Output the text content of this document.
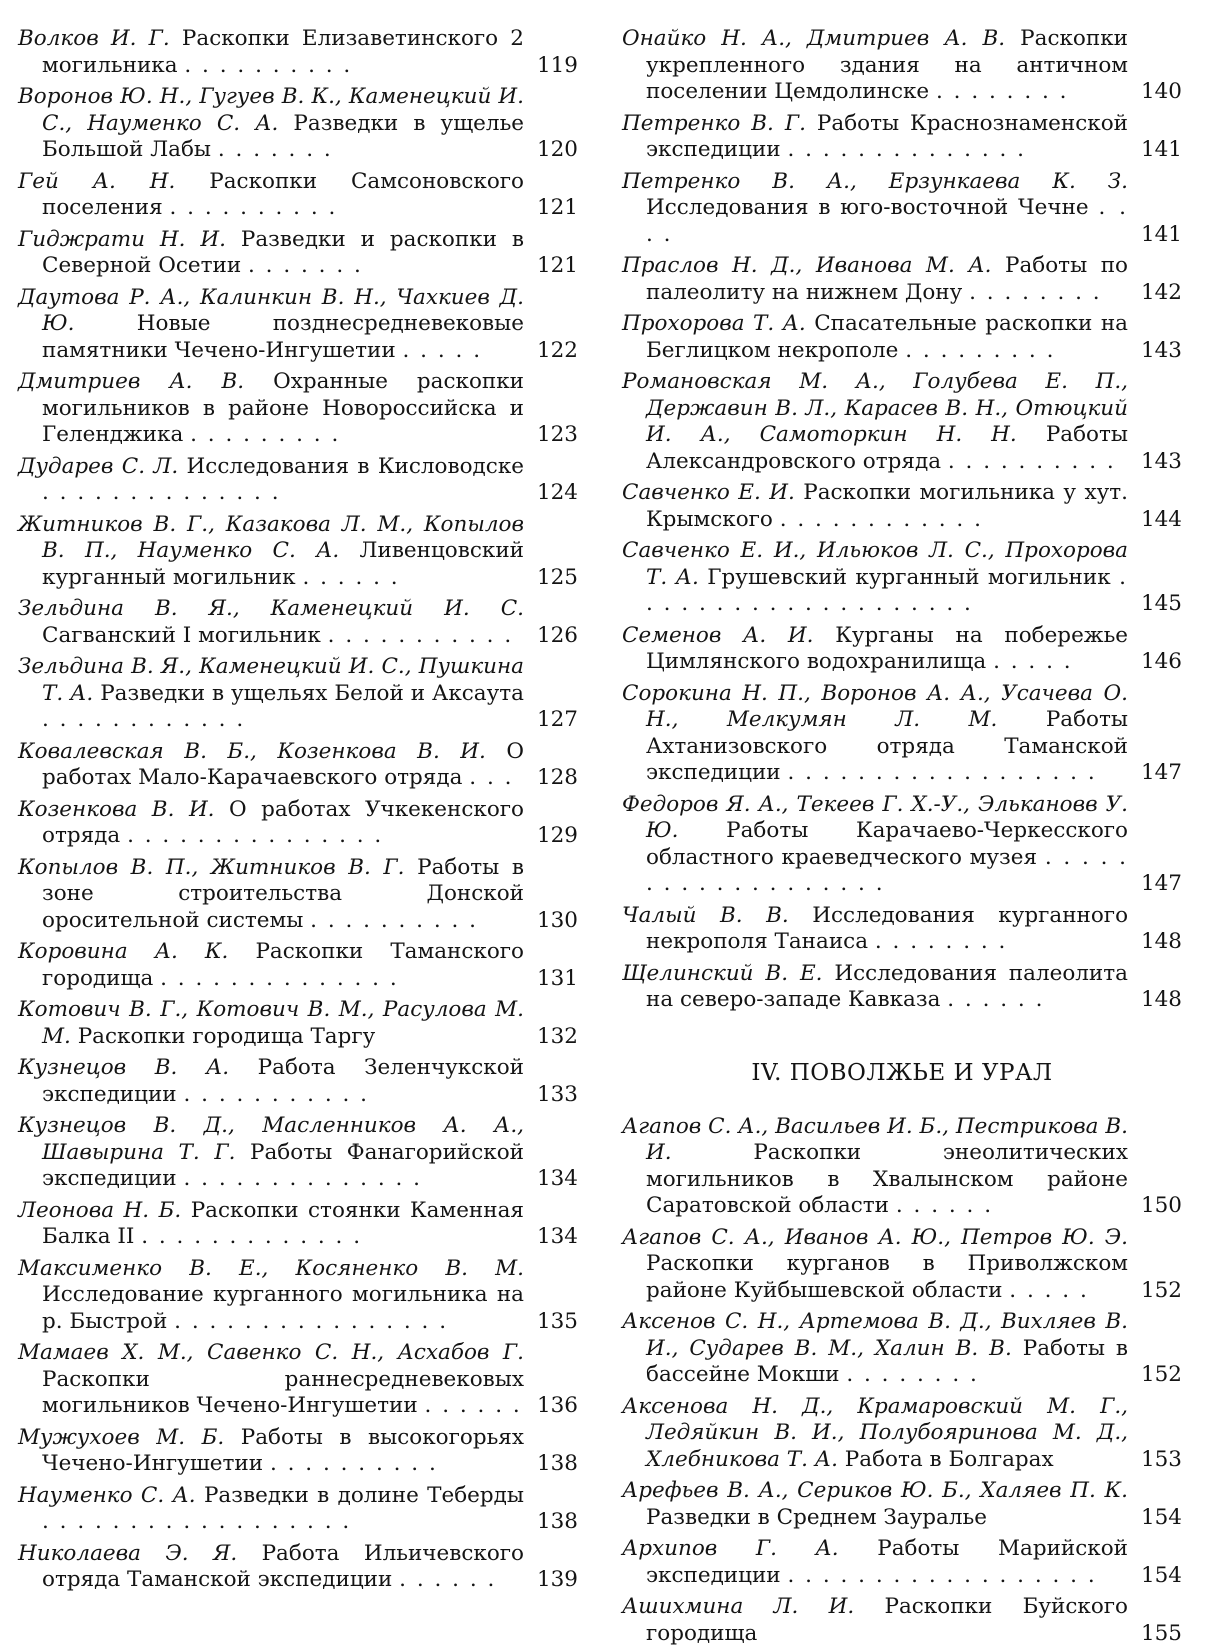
Волков И. Г. Раскопки Елизаветинского 2 могильника . . . . . . . . . .	119
Воронов Ю. Н., Гугуев В. К., Каменецкий И. С., Науменко С. А. Разведки в ущелье Большой Лабы . . . . . . .	120
Гей А. Н. Раскопки Самсоновского поселения . . . . . . . . . .	121
Гиджрати Н. И. Разведки и раскопки в Северной Осетии . . . . . . .	121
Даутова Р. А., Калинкин В. Н., Чахкиев Д. Ю.	Новые позднесредневековые памятники Чечено-Ингушетии . . . . .	122
Дмитриев А. В. Охранные раскопки могильников в районе Новороссийска и Геленджика . . . . . . . . .	123
Дударев С. Л. Исследования в Кисловодске . . . . . . . . . . . . . .	124
Житников В. Г., Казакова Л. М., Копылов В. П., Науменко С. А. Ливенцовский курганный могильник . . . . . .	125
Зельдина В. Я., Каменецкий И. С. Сагванский I могильник . . . . . . . . . . .	126
Зельдина В. Я., Каменецкий И. С., Пушкина Т. А. Разведки в ущельях Белой и Аксаута . . . . . . . . . . . .	127
Ковалевская В. Б., Козенкова В. И. О работах Мало-Карачаевского отряда . . .	128
Козенкова В. И. О работах Учкекенского отряда . . . . . . . . . . . . . . .	129
Копылов В. П., Житников В. Г. Работы в зоне строительства Донской оросительной системы . . . . . . . . . .	130
Коровина А. К. Раскопки Таманского городища . . . . . . . . . . . . . .	131
Котович В. Г., Котович В. М., Расулова М. М. Раскопки городища Таргу	132
Кузнецов В. А. Работа Зеленчукской экспедиции . . . . . . . . . . .	133
Кузнецов В. Д., Масленников А. А., Шавырина Т. Г. Работы Фанагорийской экспедиции . . . . . . . . . . . . . .	134
Леонова Н. Б. Раскопки стоянки Каменная Балка II . . . . . . . . . . . . .	134
Максименко В. Е., Косяненко В. М. Исследование курганного могильника на р. Быстрой . . . . . . . . . . . . . . . .	135
Мамаев Х. М., Савенко С. Н., Асхабов Г. Раскопки раннесредневековых могильников Чечено-Ингушетии . . . . . . 136
Мужухоев М. Б. Работы в высокогорьях Чечено-Ингушетии . . . . . . . . . .	138
Науменко С. А. Разведки в долине Теберды . . . . . . . . . . . . . . . . . .	138
Николаева Э. Я. Работа Ильичевского отряда Таманской экспедиции . . . . . .	139
Онайко Н. А., Дмитриев А. В. Раскопки укрепленного здания на античном поселении Цемдолинске . . . . . . . .	140
Петренко В. Г. Работы Краснознаменской экспедиции . . . . . . . . . . . . . .	141
Петренко В. А., Ерзункаева К. З. Исследования в юго-восточной Чечне . . . .	141
Праслов Н. Д., Иванова М. А. Работы по палеолиту на нижнем Дону . . . . . . . .	142
Прохорова Т. А. Спасательные раскопки на Беглицком некрополе . . . . . . . . .	143
Романовская М. А., Голубева Е. П., Державин В. Л., Карасев В. Н., Отюцкий И. А., Самоторкин Н. Н. Работы Александровского отряда . . . . . . . . . .	143
Савченко Е. И. Раскопки могильника у хут. Крымского . . . . . . . . . . . .	144
Савченко Е. И., Ильюков Л. С., Прохорова Т. А. Грушевский курганный могильник . . . . . . . . . . . . . . . . . . . .	145
Семенов А. И. Курганы на побережье Цимлянского водохранилища . . . . .	146
Сорокина Н. П., Воронов А. А., Усачева О. Н., Мелкумян Л. М. Работы Ахтанизовского отряда Таманской экспедиции . . . . . . . . . . . . . . . . . .	147
Федоров Я. А., Текеев Г. Х.-У., Элькановв У. Ю. Работы Карачаево-Черкесского областного краеведческого музея . . . . . . . . . . . . . . . . . . .	147
Чалый В. В. Исследования курганного некрополя Танаиса . . . . . . . .	148
Щелинский В. Е. Исследования палеолита на северо-западе Кавказа . . . . . .	148
IV. ПОВОЛЖЬЕ И УРАЛ
Агапов С. А., Васильев И. Б., Пестрикова В. И.	Раскопки энеолитических могильников в Хвалынском районе Саратовской области . . . . . .	150
Агапов С. А., Иванов А. Ю., Петров Ю. Э. Раскопки курганов в Приволжском районе Куйбышевской области . . . . .	152
Аксенов С. Н., Артемова В. Д., Вихляев В. И., Сударев В. М., Халин В. В. Работы в бассейне Мокши . . . . . . . .	152
Аксенова Н. Д., Крамаровский М. Г., Ледяйкин В. И., Полубояринова М. Д., Хлебникова Т. А. Работа в Болгарах	153
Арефьев В. А., Сериков Ю. Б., Халяев П. К. Разведки в Среднем Зауралье	154
Архипов Г. А. Работы Марийской экспедиции . . . . . . . . . . . . . . . . . .	154
Ашихмина Л. И. Раскопки Буйского городища	155
